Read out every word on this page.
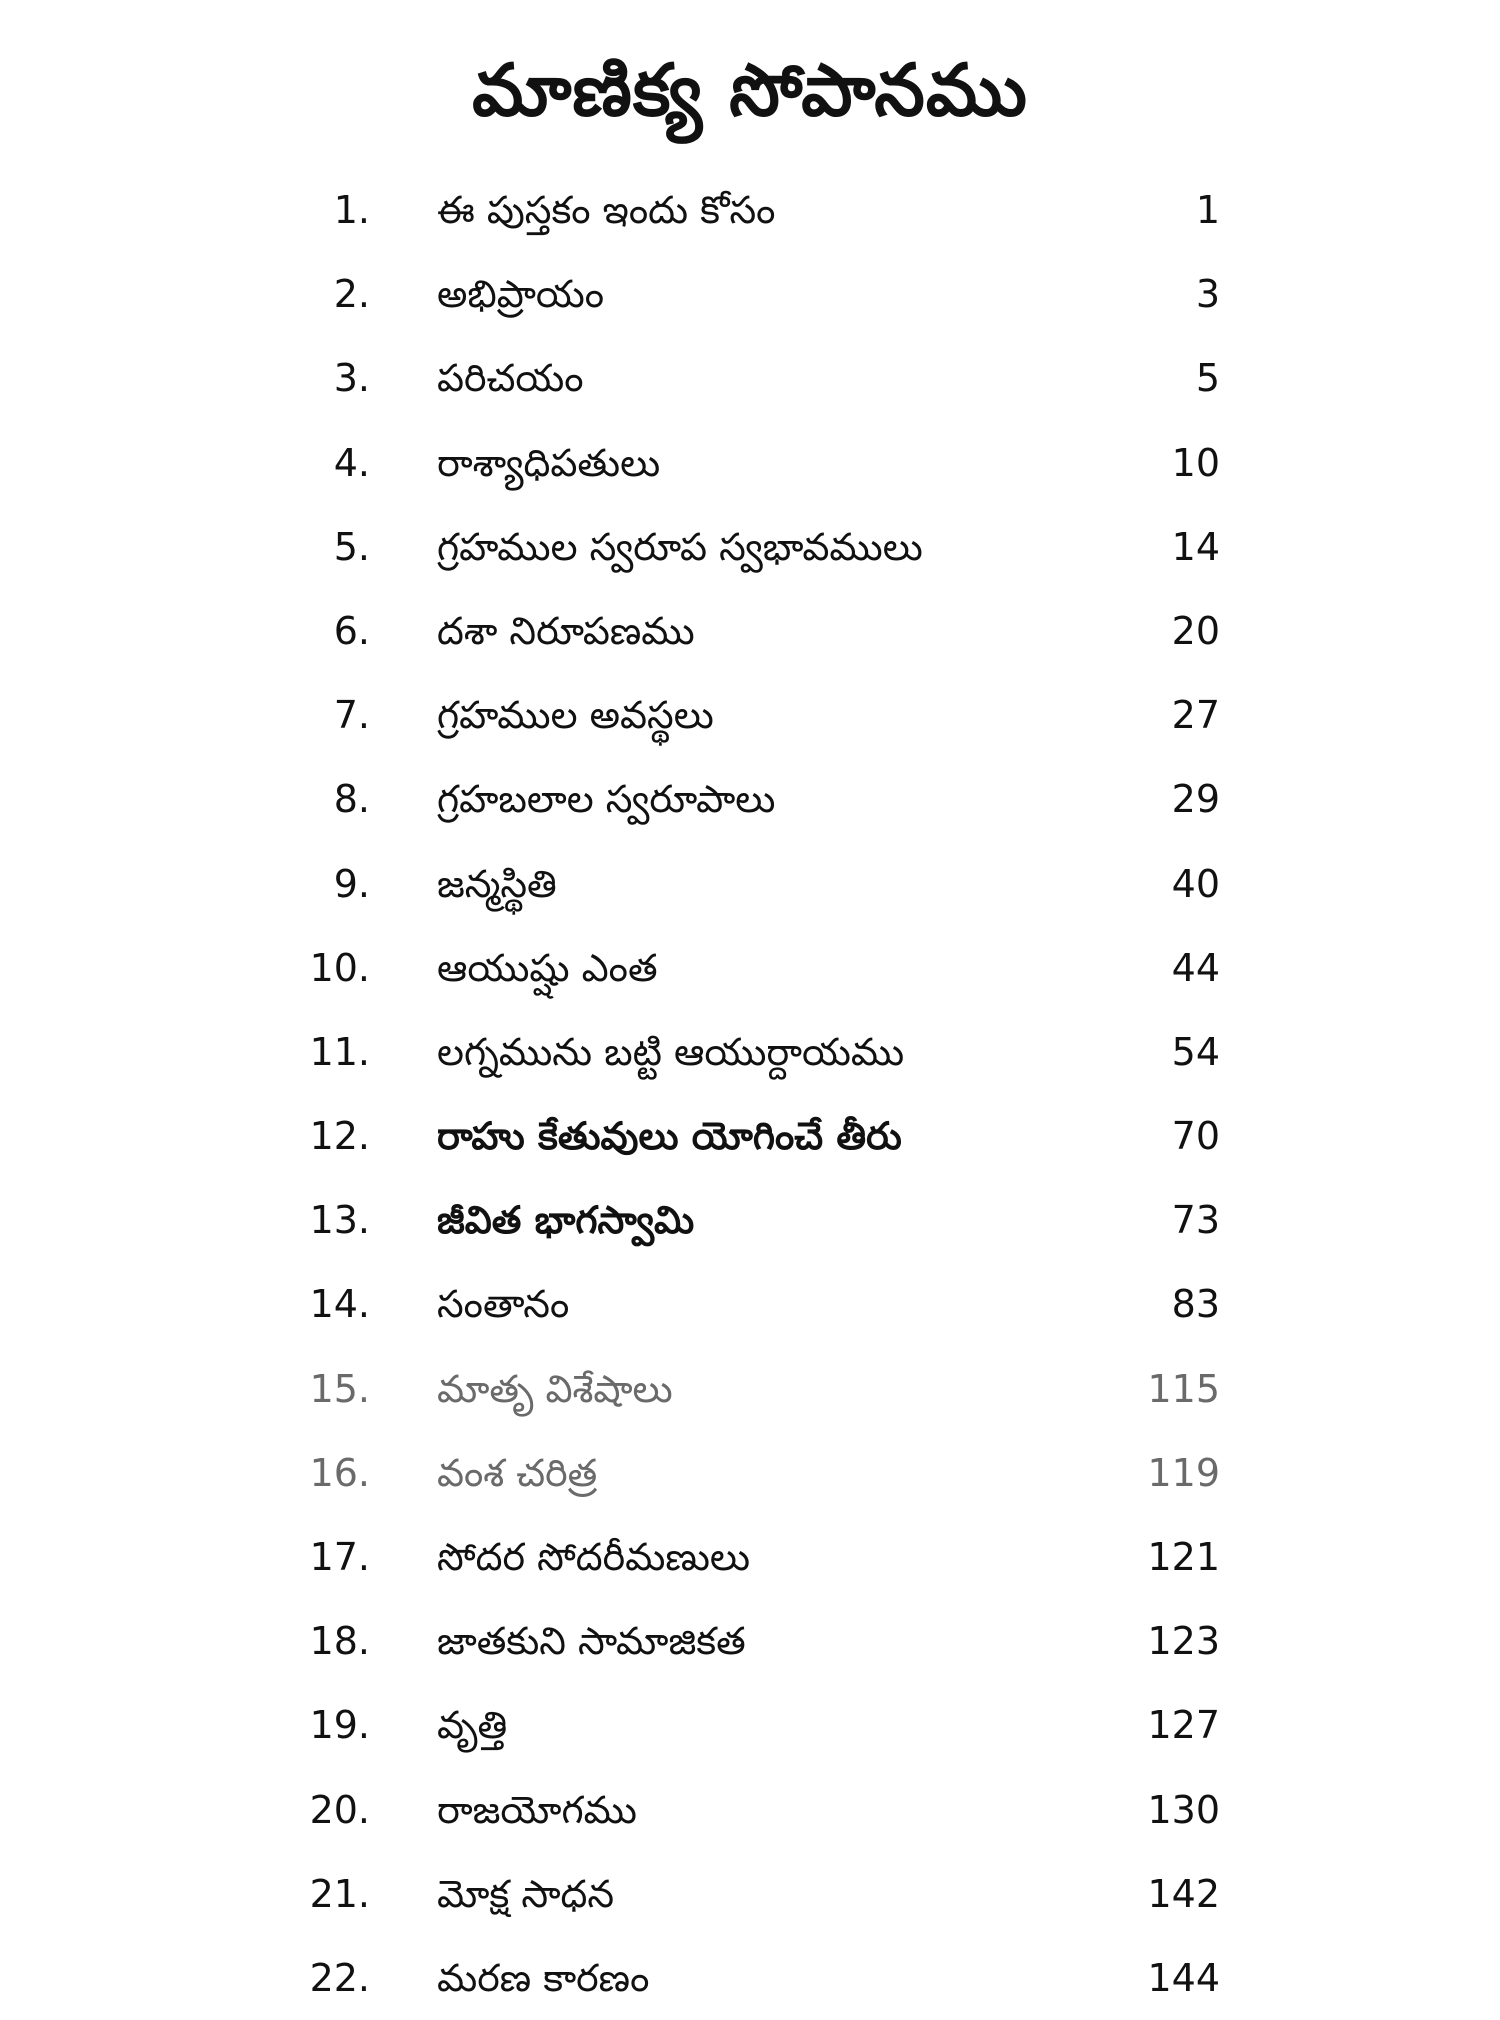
మాణిక్య సోపానము
1. ఈ పుస్తకం ఇందు కోసం	1
2. అభిప్రాయం	3
3. పరిచయం	5
4. రాశ్యాధిపతులు	10
5. గ్రహముల స్వరూప స్వభావములు	14
6. దశా నిరూపణము	20
7. గ్రహముల అవస్థలు	27
8. గ్రహబలాల స్వరూపాలు	29
9. జన్మస్థితి	40
10. ఆయుష్షు ఎంత	44
11. లగ్నమును బట్టి ఆయుర్దాయము	54
12. రాహు కేతువులు యోగించే తీరు	70
13. జీవిత భాగస్వామి	73
14. సంతానం	83
15. మాతృ విశేషాలు	115
16. వంశ చరిత్ర	119
17. సోదర సోదరీమణులు	121
18. జాతకుని సామాజికత	123
19. వృత్తి	127
20. రాజయోగము	130
21. మోక్ష సాధన	142
22. మరణ కారణం	144
